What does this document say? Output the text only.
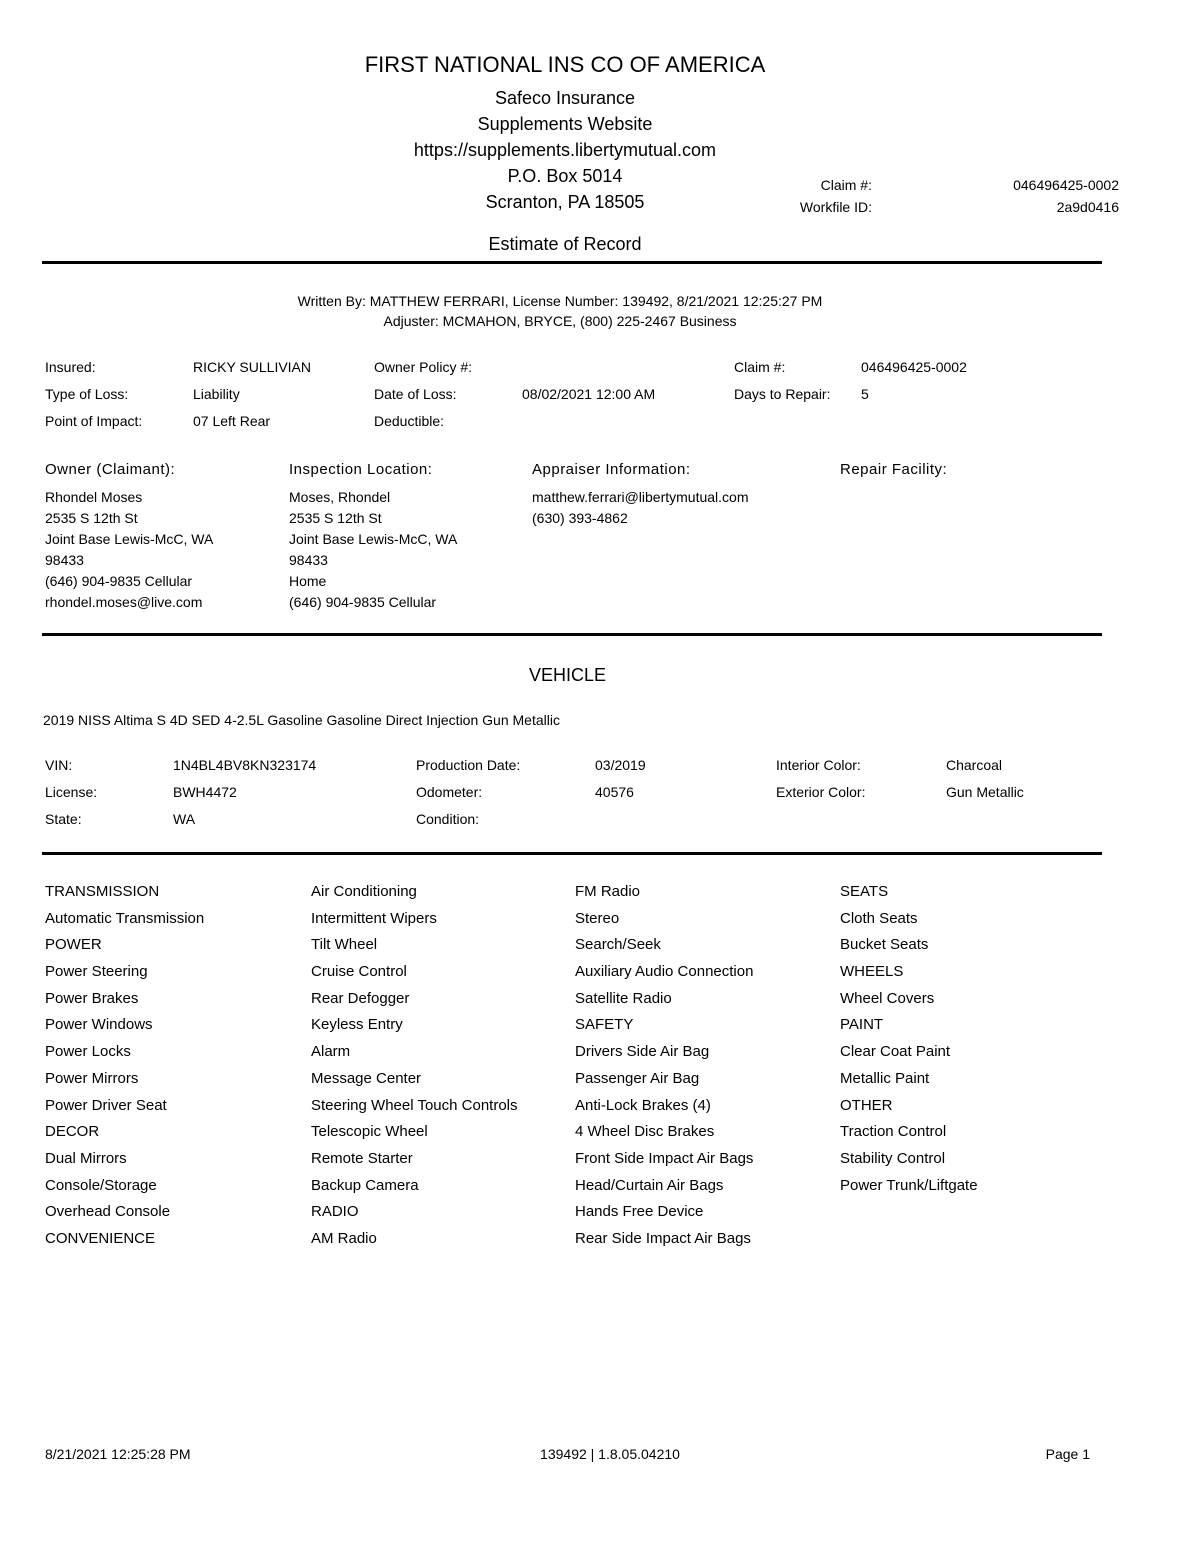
FIRST NATIONAL INS CO OF AMERICA
Safeco Insurance
Supplements Website
https://supplements.libertymutual.com
P.O. Box 5014
Scranton, PA 18505
Claim #:	046496425-0002
Workfile ID:	2a9d0416
Estimate of Record
Written By: MATTHEW FERRARI, License Number: 139492, 8/21/2021 12:25:27 PM
Adjuster: MCMAHON, BRYCE, (800) 225-2467 Business
Insured:	RICKY SULLIVIAN	Owner Policy #:	Claim #:	046496425-0002
Type of Loss:	Liability	Date of Loss:	08/02/2021 12:00 AM	Days to Repair: 5
Point of Impact:	07 Left Rear	Deductible:
Owner (Claimant):
Rhondel Moses
2535 S 12th St
Joint Base Lewis-McC, WA
98433
(646) 904-9835 Cellular
rhondel.moses@live.com
Inspection Location:
Moses, Rhondel
2535 S 12th St
Joint Base Lewis-McC, WA
98433
Home
(646) 904-9835 Cellular
Appraiser Information:
matthew.ferrari@libertymutual.com
(630) 393-4862
Repair Facility:
VEHICLE
2019 NISS Altima S 4D SED 4-2.5L Gasoline Gasoline Direct Injection Gun Metallic
VIN:	1N4BL4BV8KN323174	Production Date:	03/2019	Interior Color:	Charcoal
License:	BWH4472	Odometer:	40576	Exterior Color:	Gun Metallic
State:	WA	Condition:
TRANSMISSION
Automatic Transmission
POWER
Power Steering
Power Brakes
Power Windows
Power Locks
Power Mirrors
Power Driver Seat
DECOR
Dual Mirrors
Console/Storage
Overhead Console
CONVENIENCE
Air Conditioning
Intermittent Wipers
Tilt Wheel
Cruise Control
Rear Defogger
Keyless Entry
Alarm
Message Center
Steering Wheel Touch Controls
Telescopic Wheel
Remote Starter
Backup Camera
RADIO
AM Radio
FM Radio
Stereo
Search/Seek
Auxiliary Audio Connection
Satellite Radio
SAFETY
Drivers Side Air Bag
Passenger Air Bag
Anti-Lock Brakes (4)
4 Wheel Disc Brakes
Front Side Impact Air Bags
Head/Curtain Air Bags
Hands Free Device
Rear Side Impact Air Bags
SEATS
Cloth Seats
Bucket Seats
WHEELS
Wheel Covers
PAINT
Clear Coat Paint
Metallic Paint
OTHER
Traction Control
Stability Control
Power Trunk/Liftgate
8/21/2021 12:25:28 PM	139492 | 1.8.05.04210	Page 1
